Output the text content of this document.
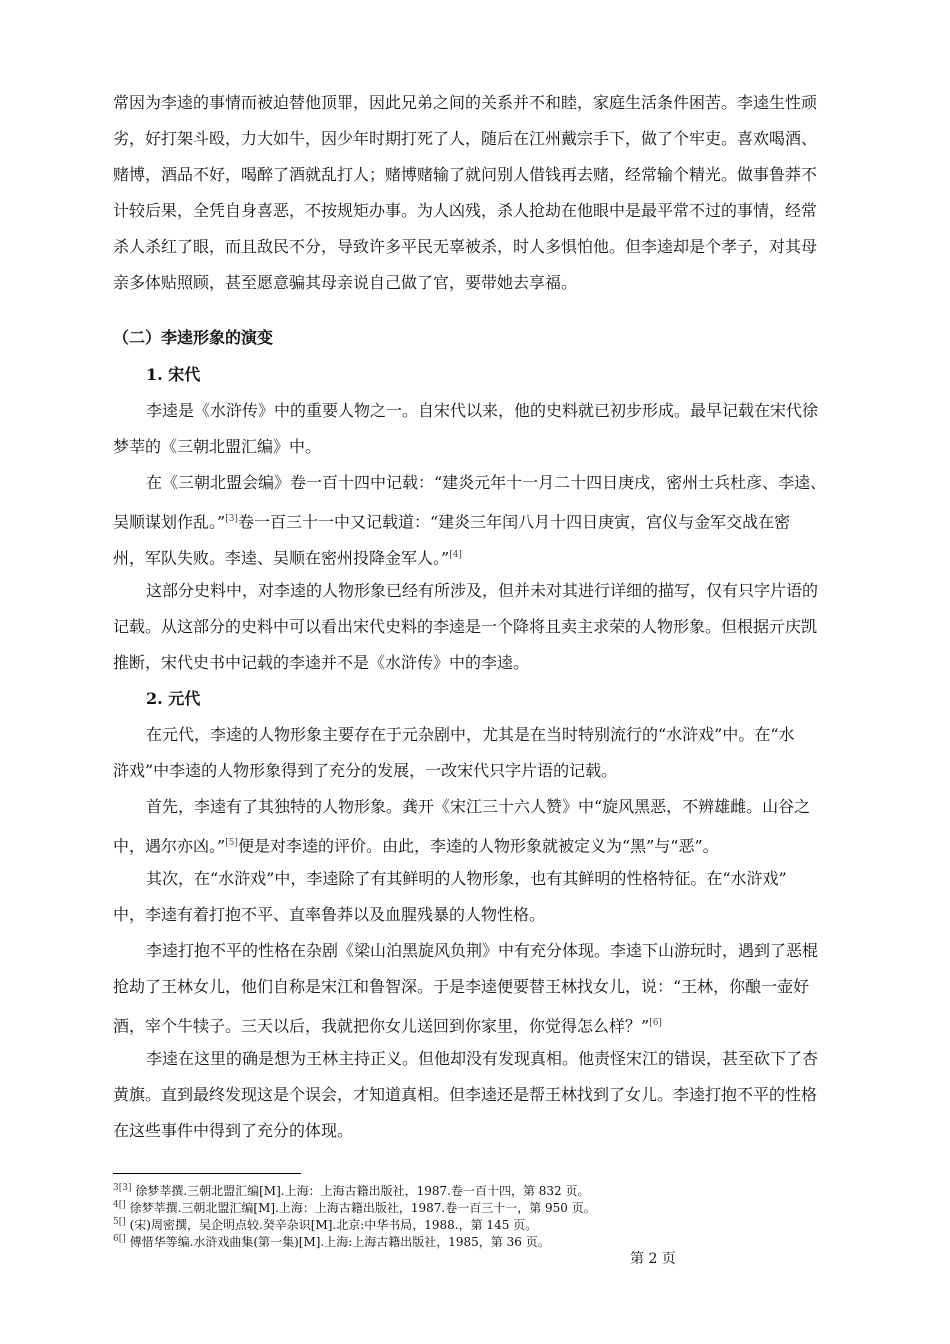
常因为李逵的事情而被迫替他顶罪，因此兄弟之间的关系并不和睦，家庭生活条件困苦。李逵生性顽
劣，好打架斗殴，力大如牛，因少年时期打死了人，随后在江州戴宗手下，做了个牢吏。喜欢喝酒、
赌博，酒品不好，喝醉了酒就乱打人；赌博赌输了就问别人借钱再去赌，经常输个精光。做事鲁莽不
计较后果，全凭自身喜恶，不按规矩办事。为人凶残，杀人抢劫在他眼中是最平常不过的事情，经常
杀人杀红了眼，而且敌民不分，导致许多平民无辜被杀，时人多惧怕他。但李逵却是个孝子，对其母
亲多体贴照顾，甚至愿意骗其母亲说自己做了官，要带她去享福。
（二）李逵形象的演变
1. 宋代
李逵是《水浒传》中的重要人物之一。自宋代以来，他的史料就已初步形成。最早记载在宋代徐
梦莘的《三朝北盟汇编》中。
在《三朝北盟会编》卷一百十四中记载：“建炎元年十一月二十四日庚戌，密州士兵杜彦、李逵、
吴顺谋划作乱。”[3]卷一百三十一中又记载道：“建炎三年闰八月十四日庚寅，宫仪与金军交战在密
州，军队失败。李逵、吴顺在密州投降金军人。”[4]
这部分史料中，对李逵的人物形象已经有所涉及，但并未对其进行详细的描写，仅有只字片语的
记载。从这部分的史料中可以看出宋代史料的李逵是一个降将且卖主求荣的人物形象。但根据亓庆凯
推断，宋代史书中记载的李逵并不是《水浒传》中的李逵。
2. 元代
在元代，李逵的人物形象主要存在于元杂剧中，尤其是在当时特别流行的“水浒戏”中。在“水
浒戏”中李逵的人物形象得到了充分的发展，一改宋代只字片语的记载。
首先，李逵有了其独特的人物形象。龚开《宋江三十六人赞》中“旋风黑恶，不辨雄雌。山谷之
中，遇尔亦凶。”[5]便是对李逵的评价。由此，李逵的人物形象就被定义为“黑”与“恶”。
其次，在“水浒戏”中，李逵除了有其鲜明的人物形象，也有其鲜明的性格特征。在“水浒戏”
中，李逵有着打抱不平、直率鲁莽以及血腥残暴的人物性格。
李逵打抱不平的性格在杂剧《梁山泊黑旋风负荆》中有充分体现。李逵下山游玩时，遇到了恶棍
抢劫了王林女儿，他们自称是宋江和鲁智深。于是李逵便要替王林找女儿，说：“王林，你酿一壶好
酒，宰个牛犊子。三天以后，我就把你女儿送回到你家里，你觉得怎么样？”[6]
李逵在这里的确是想为王林主持正义。但他却没有发现真相。他责怪宋江的错误，甚至砍下了杏
黄旗。直到最终发现这是个误会，才知道真相。但李逵还是帮王林找到了女儿。李逵打抱不平的性格
在这些事件中得到了充分的体现。
$^{3[3]}$ 徐梦莘撰.三朝北盟汇编[M].上海：上海古籍出版社，1987.卷一百十四，第 832 页。
$^{4[]}$ 徐梦莘撰.三朝北盟汇编[M].上海：上海古籍出版社，1987.卷一百三十一，第 950 页。
$^{5[]}$ (宋)周密撰，吴企明点较.癸辛杂识[M].北京:中华书局，1988.，第 145 页。
$^{6[]}$ 傅惜华等编.水浒戏曲集(第一集)[M].上海:上海古籍出版社，1985，第 36 页。
第 2 页
